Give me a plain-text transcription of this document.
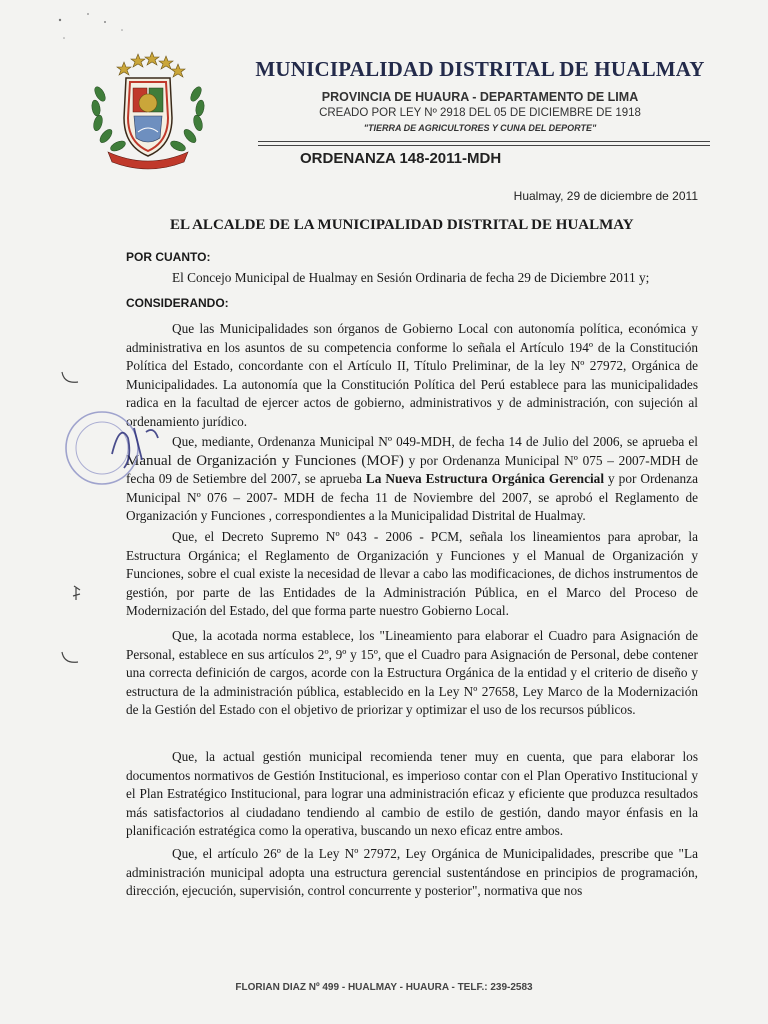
MUNICIPALIDAD DISTRITAL DE HUALMAY
PROVINCIA DE HUAURA - DEPARTAMENTO DE LIMA
CREADO POR LEY Nº 2918 DEL 05 DE DICIEMBRE DE 1918
"TIERRA DE AGRICULTORES Y CUNA DEL DEPORTE"
ORDENANZA 148-2011-MDH
Hualmay, 29 de diciembre de 2011
EL ALCALDE DE LA MUNICIPALIDAD DISTRITAL DE HUALMAY
POR CUANTO:
El Concejo Municipal de Hualmay en Sesión Ordinaria de fecha 29 de Diciembre 2011 y;
CONSIDERANDO:
Que las Municipalidades son órganos de Gobierno Local con autonomía política, económica y administrativa en los asuntos de su competencia conforme lo señala el Artículo 194º de la Constitución Política del Estado, concordante con el Artículo II, Título Preliminar, de la ley Nº 27972, Orgánica de Municipalidades. La autonomía que la Constitución Política del Perú establece para las municipalidades radica en la facultad de ejercer actos de gobierno, administrativos y de administración, con sujeción al ordenamiento jurídico.
Que, mediante, Ordenanza Municipal Nº 049-MDH, de fecha 14 de Julio del 2006, se aprueba el Manual de Organización y Funciones (MOF) y por Ordenanza Municipal Nº 075 – 2007-MDH de fecha 09 de Setiembre del 2007, se aprueba La Nueva Estructura Orgánica Gerencial y por Ordenanza Municipal Nº 076 – 2007- MDH de fecha 11 de Noviembre del 2007, se aprobó el Reglamento de Organización y Funciones , correspondientes a la Municipalidad Distrital de Hualmay.
Que, el Decreto Supremo Nº 043 - 2006 - PCM, señala los lineamientos para aprobar, la Estructura Orgánica; el Reglamento de Organización y Funciones y el Manual de Organización y Funciones, sobre el cual existe la necesidad de llevar a cabo las modificaciones, de dichos instrumentos de gestión, por parte de las Entidades de la Administración Pública, en el Marco del Proceso de Modernización del Estado, del que forma parte nuestro Gobierno Local.
Que, la acotada norma establece, los "Lineamiento para elaborar el Cuadro para Asignación de Personal, establece en sus artículos 2º, 9º y 15º, que el Cuadro para Asignación de Personal, debe contener una correcta definición de cargos, acorde con la Estructura Orgánica de la entidad y el criterio de diseño y estructura de la administración pública, establecido en la Ley Nº 27658, Ley Marco de la Modernización de la Gestión del Estado con el objetivo de priorizar y optimizar el uso de los recursos públicos.
Que, la actual gestión municipal recomienda tener muy en cuenta, que para elaborar los documentos normativos de Gestión Institucional, es imperioso contar con el Plan Operativo Institucional y el Plan Estratégico Institucional, para lograr una administración eficaz y eficiente que produzca resultados más satisfactorios al ciudadano tendiendo al cambio de estilo de gestión, dando mayor énfasis en la planificación estratégica como la operativa, buscando un nexo eficaz entre ambos.
Que, el artículo 26º de la Ley Nº 27972, Ley Orgánica de Municipalidades, prescribe que "La administración municipal adopta una estructura gerencial sustentándose en principios de programación, dirección, ejecución, supervisión, control concurrente y posterior", normativa que nos
FLORIAN DIAZ Nº 499 - HUALMAY - HUAURA - TELF.: 239-2583
